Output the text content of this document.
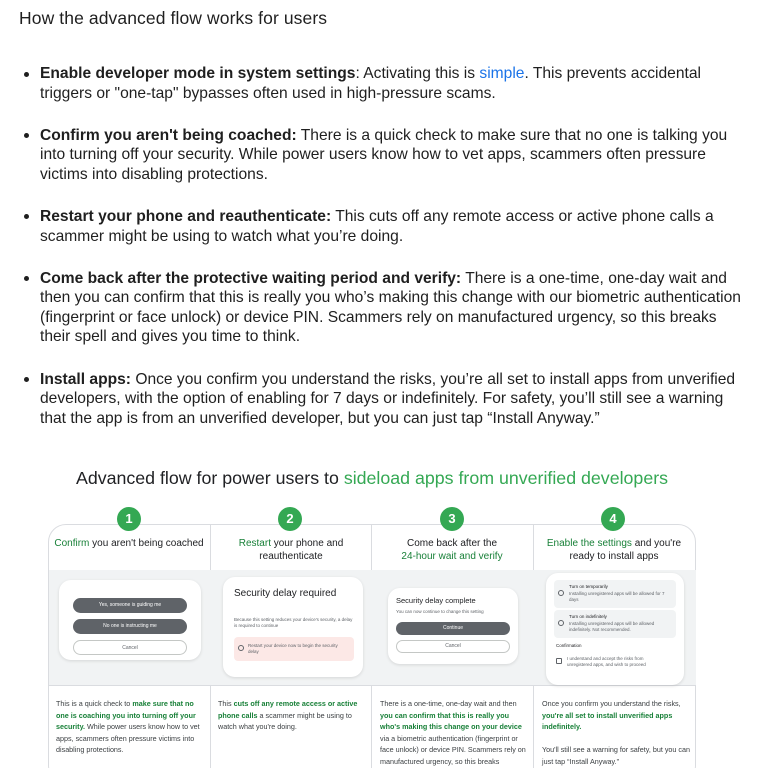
How the advanced flow works for users
Enable developer mode in system settings: Activating this is simple. This prevents accidental triggers or "one-tap" bypasses often used in high-pressure scams.
Confirm you aren't being coached: There is a quick check to make sure that no one is talking you into turning off your security. While power users know how to vet apps, scammers often pressure victims into disabling protections.
Restart your phone and reauthenticate: This cuts off any remote access or active phone calls a scammer might be using to watch what you’re doing.
Come back after the protective waiting period and verify: There is a one-time, one-day wait and then you can confirm that this is really you who’s making this change with our biometric authentication (fingerprint or face unlock) or device PIN. Scammers rely on manufactured urgency, so this breaks their spell and gives you time to think.
Install apps: Once you confirm you understand the risks, you’re all set to install apps from unverified developers, with the option of enabling for 7 days or indefinitely. For safety, you’ll still see a warning that the app is from an unverified developer, but you can just tap “Install Anyway.”
Advanced flow for power users to sideload apps from unverified developers
1
Confirm you aren't being coached
Yes, someone is guiding me
No one is instructing me
Cancel
This is a quick check to make sure that no one is coaching you into turning off your security. While power users know how to vet apps, scammers often pressure victims into disabling protections.
2
Restart your phone and reauthenticate
Security delay required
Because this setting reduces your device's security, a delay is required to continue
Restart your device now to begin the security delay
This cuts off any remote access or active phone calls a scammer might be using to watch what you're doing.
3
Come back after the
24-hour wait and verify
Security delay complete
You can now continue to change this setting
Continue
Cancel
There is a one-time, one-day wait and then you can confirm that this is really you who's making this change on your device via a biometric authentication (fingerprint or face unlock) or device PIN. Scammers rely on manufactured urgency, so this breaks
4
Enable the settings and you're ready to install apps
Turn on temporarily
Installing unregistered apps will be allowed for 7 days
Turn on indefinitely
Installing unregistered apps will be allowed indefinitely. Not recommended.
Confirmation
I understand and accept the risks from unregistered apps, and wish to proceed
Once you confirm you understand the risks, you're all set to install unverified apps indefinitely.

You'll still see a warning for safety, but you can just tap “Install Anyway.”
